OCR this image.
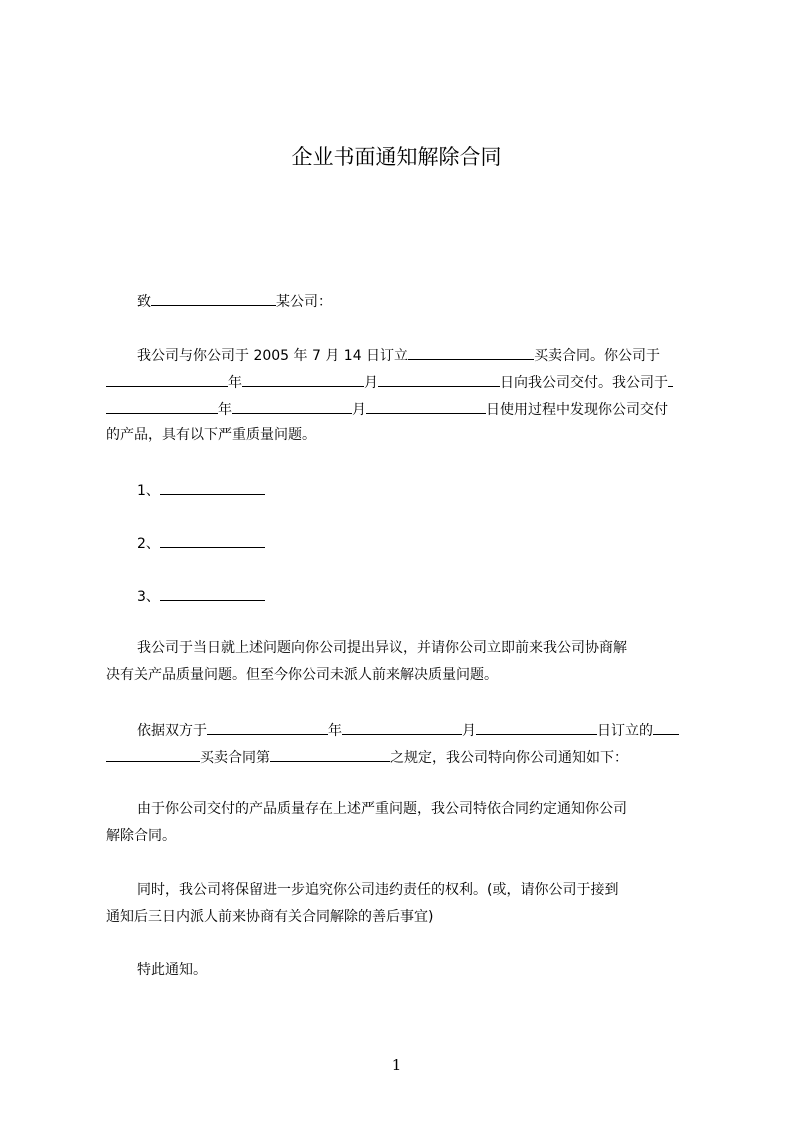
企业书面通知解除合同
致	某公司：
我公司与你公司于 2005 年 7 月 14 日订立	买卖合同。你公司于
年	月	日向我公司交付。我公司于
年	月	日使用过程中发现你公司交付
的产品，具有以下严重质量问题。
1、
2、
3、
我公司于当日就上述问题向你公司提出异议，并请你公司立即前来我公司协商解
决有关产品质量问题。但至今你公司未派人前来解决质量问题。
依据双方于	年	月	日订立的
买卖合同第	之规定，我公司特向你公司通知如下：
由于你公司交付的产品质量存在上述严重问题，我公司特依合同约定通知你公司
解除合同。
同时，我公司将保留进一步追究你公司违约责任的权利。(或，请你公司于接到
通知后三日内派人前来协商有关合同解除的善后事宜)
特此通知。
1
